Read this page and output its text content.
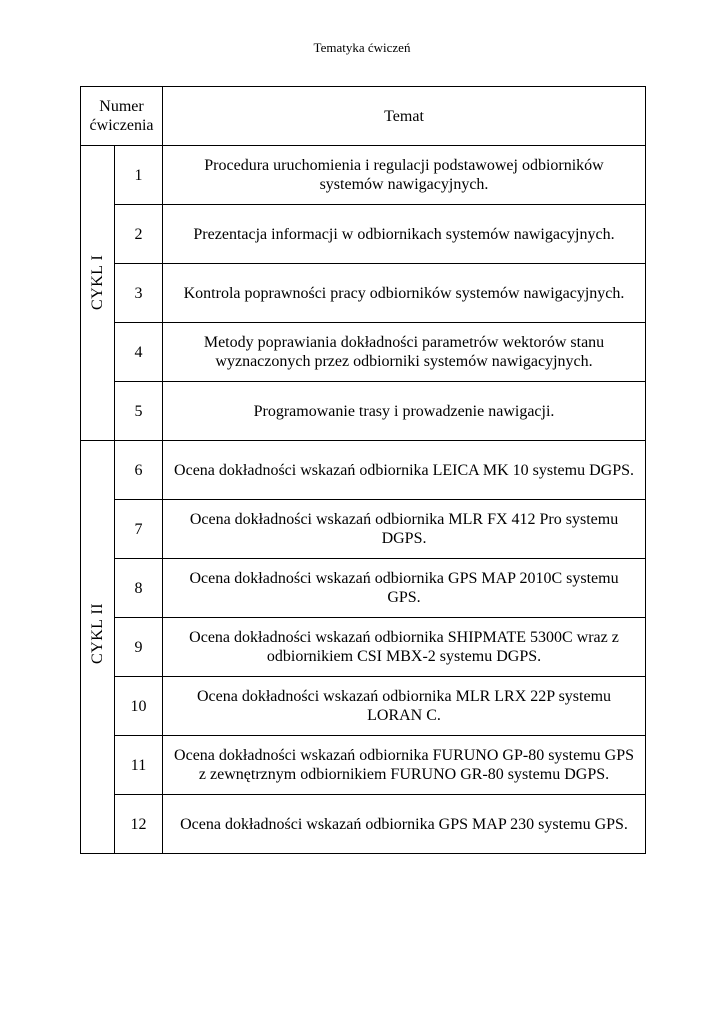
Tematyka ćwiczeń
Numer ćwiczenia		Temat

CYKL I	1	Procedura uruchomienia i regulacji podstawowej odbiorników systemów nawigacyjnych.
	2	Prezentacja informacji w odbiornikach systemów nawigacyjnych.
	3	Kontrola poprawności pracy odbiorników systemów nawigacyjnych.
	4	Metody poprawiania dokładności parametrów wektorów stanu wyznaczonych przez odbiorniki systemów nawigacyjnych.
	5	Programowanie trasy i prowadzenie nawigacji.

CYKL II	6	Ocena dokładności wskazań odbiornika LEICA MK 10 systemu DGPS.
	7	Ocena dokładności wskazań odbiornika MLR FX 412 Pro systemu DGPS.
	8	Ocena dokładności wskazań odbiornika GPS MAP 2010C systemu GPS.
	9	Ocena dokładności wskazań odbiornika SHIPMATE 5300C wraz z odbiornikiem CSI MBX-2 systemu DGPS.
	10	Ocena dokładności wskazań odbiornika MLR LRX 22P systemu LORAN C.
	11	Ocena dokładności wskazań odbiornika FURUNO GP-80 systemu GPS z zewnętrznym odbiornikiem FURUNO GR-80 systemu DGPS.
	12	Ocena dokładności wskazań odbiornika GPS MAP 230 systemu GPS.
